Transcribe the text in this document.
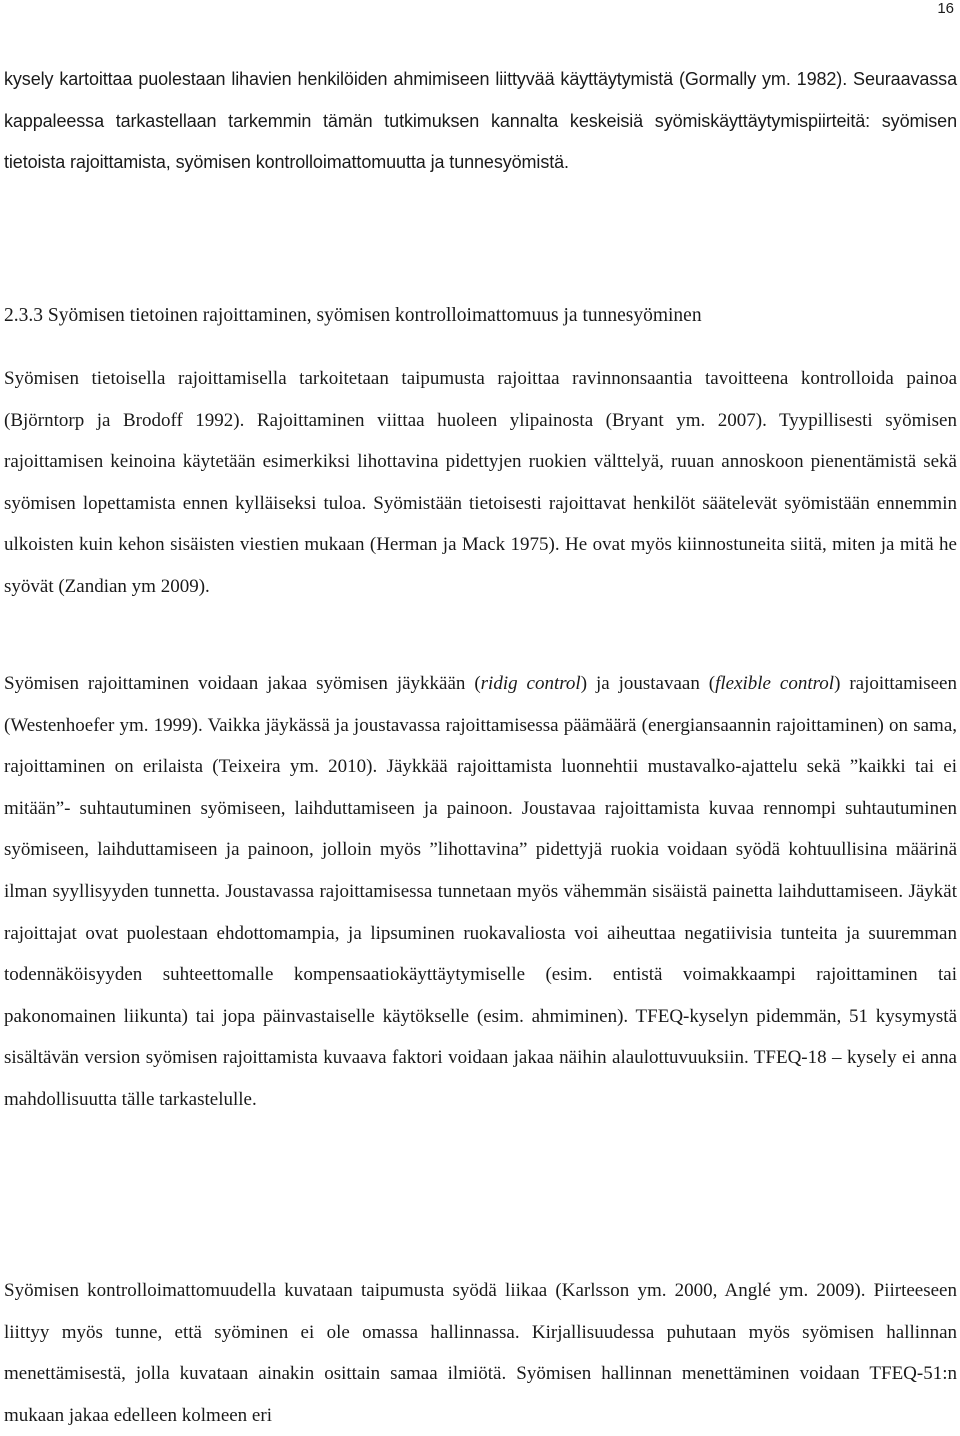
16

kysely kartoittaa puolestaan lihavien henkilöiden ahmimiseen liittyvää käyttäytymistä (Gormally ym. 1982). Seuraavassa kappaleessa tarkastellaan tarkemmin tämän tutkimuksen kannalta keskeisiä syömiskäyttäytymispiirteitä: syömisen tietoista rajoittamista, syömisen kontrolloimattomuutta ja tunnesyömistä.

2.3.3 Syömisen tietoinen rajoittaminen, syömisen kontrolloimattomuus ja tunnesyöminen

Syömisen tietoisella rajoittamisella tarkoitetaan taipumusta rajoittaa ravinnonsaantia tavoitteena kontrolloida painoa (Björntorp ja Brodoff 1992). Rajoittaminen viittaa huoleen ylipainosta (Bryant ym. 2007). Tyypillisesti syömisen rajoittamisen keinoina käytetään esimerkiksi lihottavina pidettyjen ruokien välttelyä, ruuan annoskoon pienentämistä sekä syömisen lopettamista ennen kylläiseksi tuloa. Syömistään tietoisesti rajoittavat henkilöt säätelevät syömistään ennemmin ulkoisten kuin kehon sisäisten viestien mukaan (Herman ja Mack 1975). He ovat myös kiinnostuneita siitä, miten ja mitä he syövät (Zandian ym 2009).

Syömisen rajoittaminen voidaan jakaa syömisen jäykkään (ridig control) ja joustavaan (flexible control) rajoittamiseen (Westenhoefer ym. 1999). Vaikka jäykässä ja joustavassa rajoittamisessa päämäärä (energiansaannin rajoittaminen) on sama, rajoittaminen on erilaista (Teixeira ym. 2010). Jäykkää rajoittamista luonnehtii mustavalko-ajattelu sekä ”kaikki tai ei mitään”- suhtautuminen syömiseen, laihduttamiseen ja painoon. Joustavaa rajoittamista kuvaa rennompi suhtautuminen syömiseen, laihduttamiseen ja painoon, jolloin myös ”lihottavina” pidettyjä ruokia voidaan syödä kohtuullisina määrinä ilman syyllisyyden tunnetta. Joustavassa rajoittamisessa tunnetaan myös vähemmän sisäistä painetta laihduttamiseen. Jäykät rajoittajat ovat puolestaan ehdottomampia, ja lipsuminen ruokavaliosta voi aiheuttaa negatiivisia tunteita ja suuremman todennäköisyyden suhteettomalle kompensaatiokäyttäytymiselle (esim. entistä voimakkaampi rajoittaminen tai pakonomainen liikunta) tai jopa päinvastaiselle käytökselle (esim. ahmiminen). TFEQ-kyselyn pidemmän, 51 kysymystä sisältävän version syömisen rajoittamista kuvaava faktori voidaan jakaa näihin alaulottuvuuksiin. TFEQ-18 – kysely ei anna mahdollisuutta tälle tarkastelulle.

Syömisen kontrolloimattomuudella kuvataan taipumusta syödä liikaa (Karlsson ym. 2000, Anglé ym. 2009). Piirteeseen liittyy myös tunne, että syöminen ei ole omassa hallinnassa. Kirjallisuudessa puhutaan myös syömisen hallinnan menettämisestä, jolla kuvataan ainakin osittain samaa ilmiötä. Syömisen hallinnan menettäminen voidaan TFEQ-51:n mukaan jakaa edelleen kolmeen eri
